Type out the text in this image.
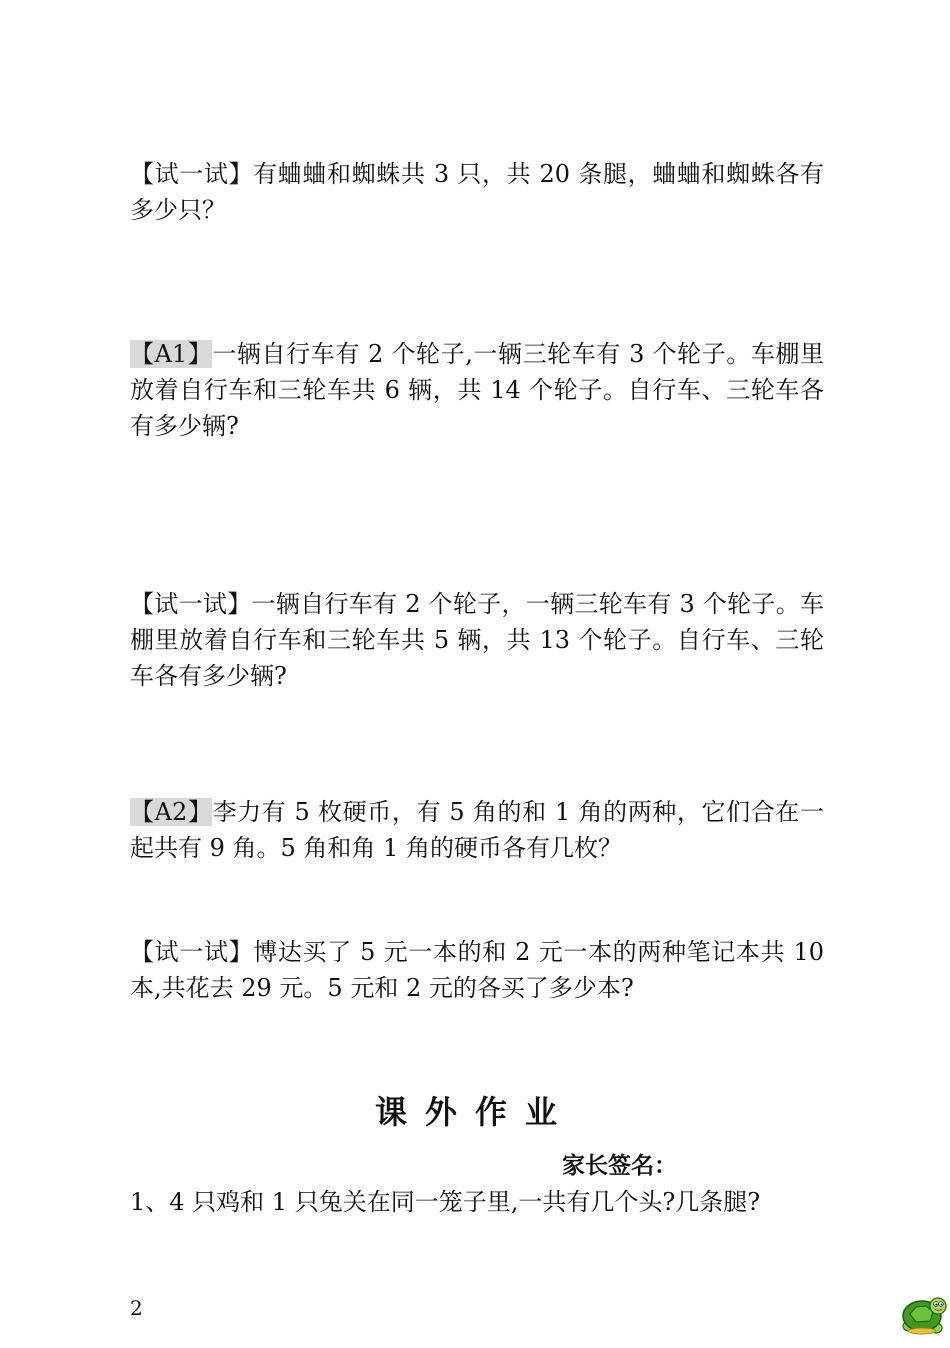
【试一试】有蛐蛐和蜘蛛共 3 只，共 20 条腿，蛐蛐和蜘蛛各有多少只？
【A1】一辆自行车有 2 个轮子,一辆三轮车有 3 个轮子。车棚里放着自行车和三轮车共 6 辆，共 14 个轮子。自行车、三轮车各有多少辆?
【试一试】一辆自行车有 2 个轮子，一辆三轮车有 3 个轮子。车棚里放着自行车和三轮车共 5 辆，共 13 个轮子。自行车、三轮车各有多少辆?
【A2】李力有 5 枚硬币，有 5 角的和 1 角的两种，它们合在一起共有 9 角。5 角和角 1 角的硬币各有几枚？
【试一试】博达买了 5 元一本的和 2 元一本的两种笔记本共 10 本,共花去 29 元。5 元和 2 元的各买了多少本?
课外作业
家长签名：
1、4 只鸡和 1 只兔关在同一笼子里,一共有几个头?几条腿?
2
